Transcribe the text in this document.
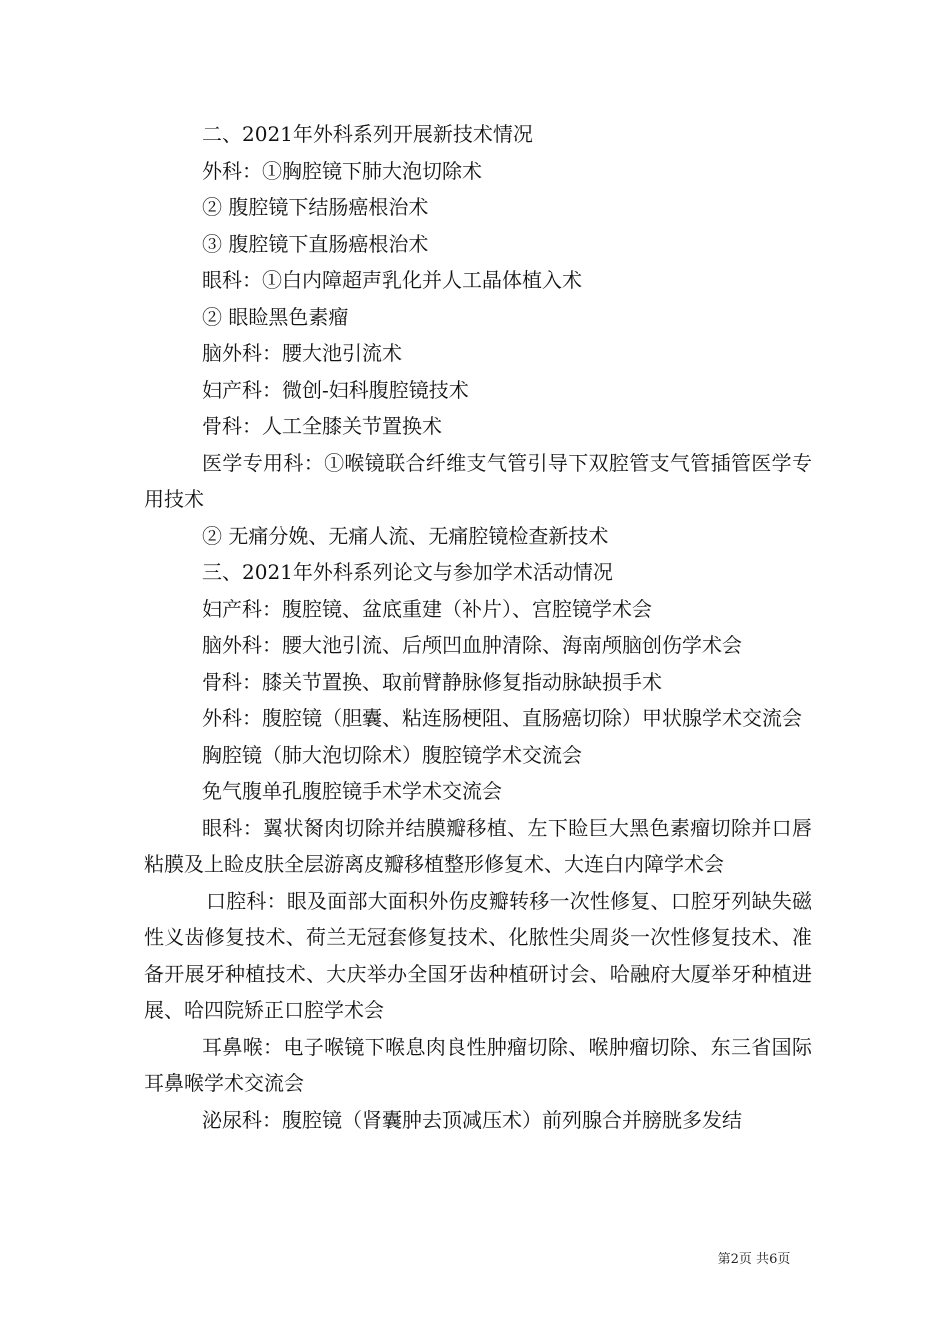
二、2021年外科系列开展新技术情况

外科：①胸腔镜下肺大泡切除术

② 腹腔镜下结肠癌根治术

③ 腹腔镜下直肠癌根治术

眼科：①白内障超声乳化并人工晶体植入术

② 眼睑黑色素瘤

脑外科：腰大池引流术

妇产科：微创-妇科腹腔镜技术

骨科：人工全膝关节置换术

医学专用科：①喉镜联合纤维支气管引导下双腔管支气管插管医学专用技术

② 无痛分娩、无痛人流、无痛腔镜检查新技术

三、2021年外科系列论文与参加学术活动情况

妇产科：腹腔镜、盆底重建（补片）、宫腔镜学术会

脑外科：腰大池引流、后颅凹血肿清除、海南颅脑创伤学术会

骨科：膝关节置换、取前臂静脉修复指动脉缺损手术

外科：腹腔镜（胆囊、粘连肠梗阻、直肠癌切除）甲状腺学术交流会

胸腔镜（肺大泡切除术）腹腔镜学术交流会

免气腹单孔腹腔镜手术学术交流会

眼科：翼状胬肉切除并结膜瓣移植、左下睑巨大黑色素瘤切除并口唇粘膜及上睑皮肤全层游离皮瓣移植整形修复术、大连白内障学术会

口腔科：眼及面部大面积外伤皮瓣转移一次性修复、口腔牙列缺失磁性义齿修复技术、荷兰无冠套修复技术、化脓性尖周炎一次性修复技术、准备开展牙种植技术、大庆举办全国牙齿种植研讨会、哈融府大厦举牙种植进展、哈四院矫正口腔学术会

耳鼻喉：电子喉镜下喉息肉良性肿瘤切除、喉肿瘤切除、东三省国际耳鼻喉学术交流会

泌尿科：腹腔镜（肾囊肿去顶减压术）前列腺合并膀胱多发结

第2页 共6页
